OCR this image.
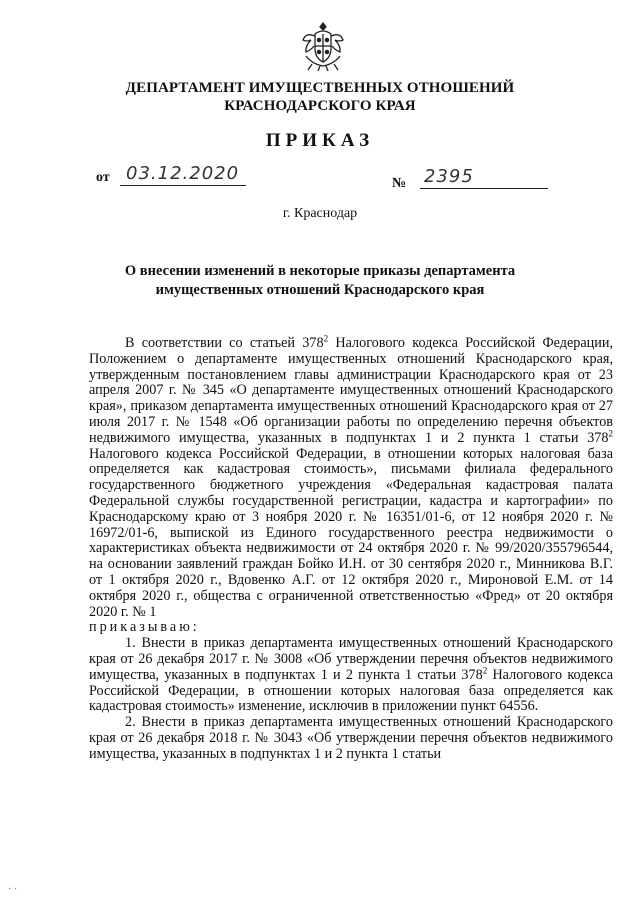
ДЕПАРТАМЕНТ ИМУЩЕСТВЕННЫХ ОТНОШЕНИЙ
КРАСНОДАРСКОГО КРАЯ
ПРИКАЗ
от 03.12.2020	№ 2395
г. Краснодар
О внесении изменений в некоторые приказы департамента
имущественных отношений Краснодарского края

В соответствии со статьей $378^2$ Налогового кодекса Российской Федерации, Положением о департаменте имущественных отношений Краснодарского края, утвержденным постановлением главы администрации Краснодарского края от 23 апреля 2007 г. № 345 «О департаменте имущественных отношений Краснодарского края», приказом департамента имущественных отношений Краснодарского края от 27 июля 2017 г. № 1548 «Об организации работы по определению перечня объектов недвижимого имущества, указанных в подпунктах 1 и 2 пункта 1 статьи $378^2$ Налогового кодекса Российской Федерации, в отношении которых налоговая база определяется как кадастровая стоимость», письмами филиала федерального государственного бюджетного учреждения «Федеральная кадастровая палата Федеральной службы государственной регистрации, кадастра и картографии» по Краснодарскому краю от 3 ноября 2020 г. № 16351/01-6, от 12 ноября 2020 г. № 16972/01-6, выпиской из Единого государственного реестра недвижимости о характеристиках объекта недвижимости от 24 октября 2020 г. № 99/2020/355796544, на основании заявлений граждан Бойко И.Н. от 30 сентября 2020 г., Минникова В.Г. от 1 октября 2020 г., Вдовенко А.Г. от 12 октября 2020 г., Мироновой Е.М. от 14 октября 2020 г., общества с ограниченной ответственностью «Фред» от 20 октября 2020 г. № 1

приказываю:

1. Внести в приказ департамента имущественных отношений Краснодарского края от 26 декабря 2017 г. № 3008 «Об утверждении перечня объектов недвижимого имущества, указанных в подпунктах 1 и 2 пункта 1 статьи $378^2$ Налогового кодекса Российской Федерации, в отношении которых налоговая база определяется как кадастровая стоимость» изменение, исключив в приложении пункт 64556.

2. Внести в приказ департамента имущественных отношений Краснодарского края от 26 декабря 2018 г. № 3043 «Об утверждении перечня объектов недвижимого имущества, указанных в подпунктах 1 и 2 пункта 1 статьи

· ·
